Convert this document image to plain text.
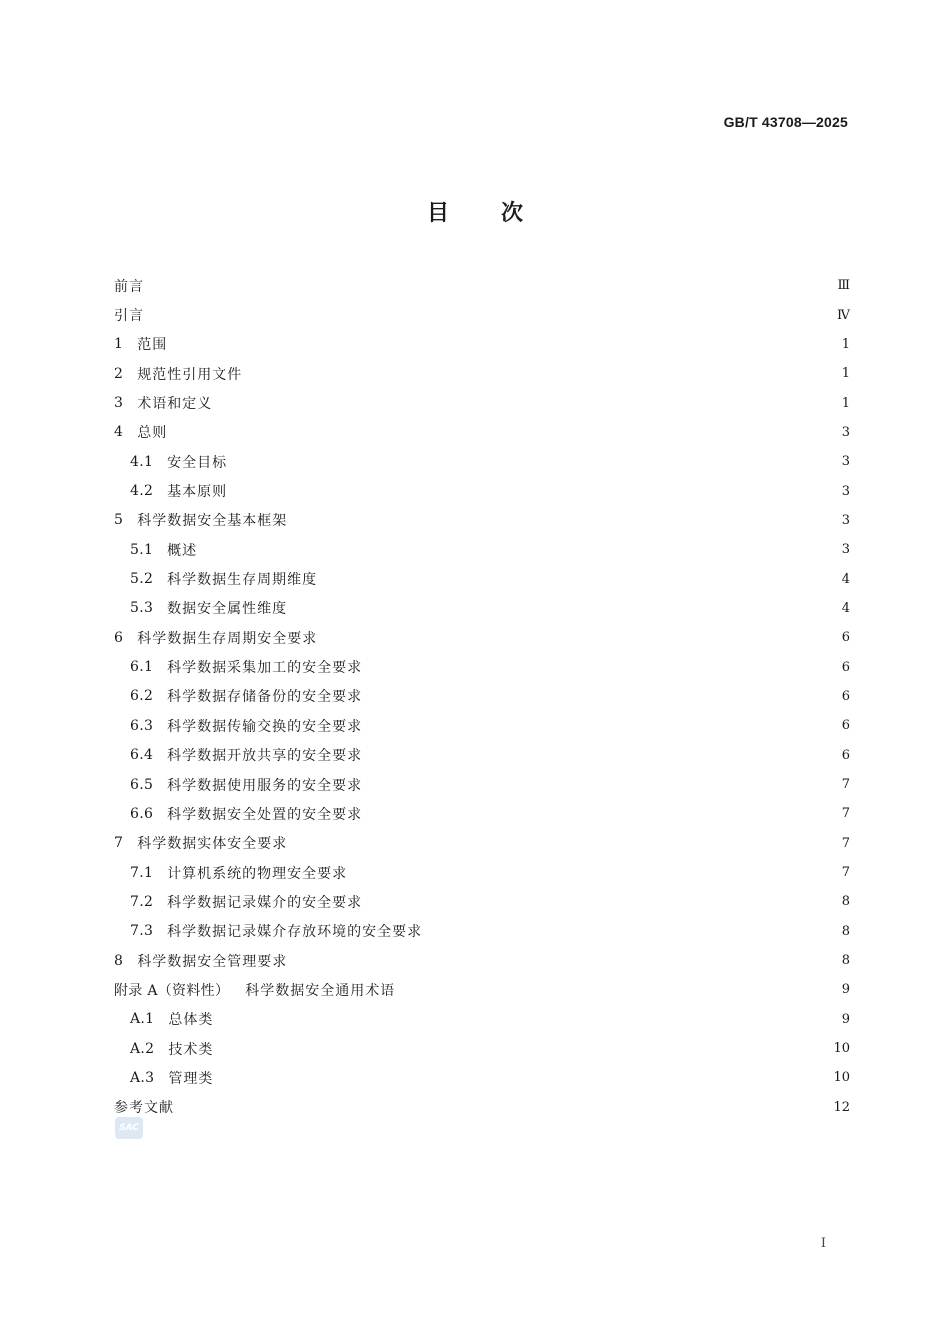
GB/T 43708—2025
目次
前言	Ⅲ
引言	Ⅳ
1 范围	1
2 规范性引用文件	1
3 术语和定义	1
4 总则	3
4.1 安全目标	3
4.2 基本原则	3
5 科学数据安全基本框架	3
5.1 概述	3
5.2 科学数据生存周期维度	4
5.3 数据安全属性维度	4
6 科学数据生存周期安全要求	6
6.1 科学数据采集加工的安全要求	6
6.2 科学数据存储备份的安全要求	6
6.3 科学数据传输交换的安全要求	6
6.4 科学数据开放共享的安全要求	6
6.5 科学数据使用服务的安全要求	7
6.6 科学数据安全处置的安全要求	7
7 科学数据实体安全要求	7
7.1 计算机系统的物理安全要求	7
7.2 科学数据记录媒介的安全要求	8
7.3 科学数据记录媒介存放环境的安全要求	8
8 科学数据安全管理要求	8
附录 A（资料性） 科学数据安全通用术语	9
A.1 总体类	9
A.2 技术类	10
A.3 管理类	10
参考文献	12
SAC
Ⅰ
